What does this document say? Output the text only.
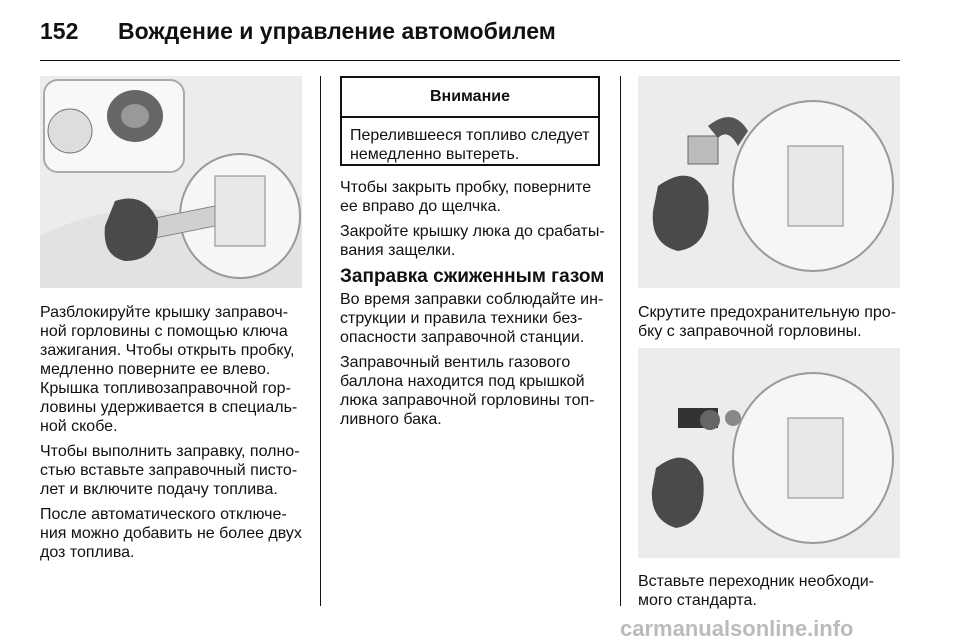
152 Вождение и управление автомобилем

Разблокируйте крышку заправоч-ной горловины с помощью ключа зажигания. Чтобы открыть пробку, медленно поверните ее влево. Крышка топливозаправочной гор-ловины удерживается в специаль-ной скобе.

Чтобы выполнить заправку, полно-стью вставьте заправочный писто-лет и включите подачу топлива.

После автоматического отключе-ния можно добавить не более двух доз топлива.

Внимание
Перелившееся топливо следует немедленно вытереть.

Чтобы закрыть пробку, поверните ее вправо до щелчка.

Закройте крышку люка до срабаты-вания защелки.

Заправка сжиженным газом

Во время заправки соблюдайте ин-струкции и правила техники без-опасности заправочной станции.

Заправочный вентиль газового баллона находится под крышкой люка заправочной горловины топ-ливного бака.

Скрутите предохранительную про-бку с заправочной горловины.

Вставьте переходник необходи-мого стандарта.

carmanualsonline.info
